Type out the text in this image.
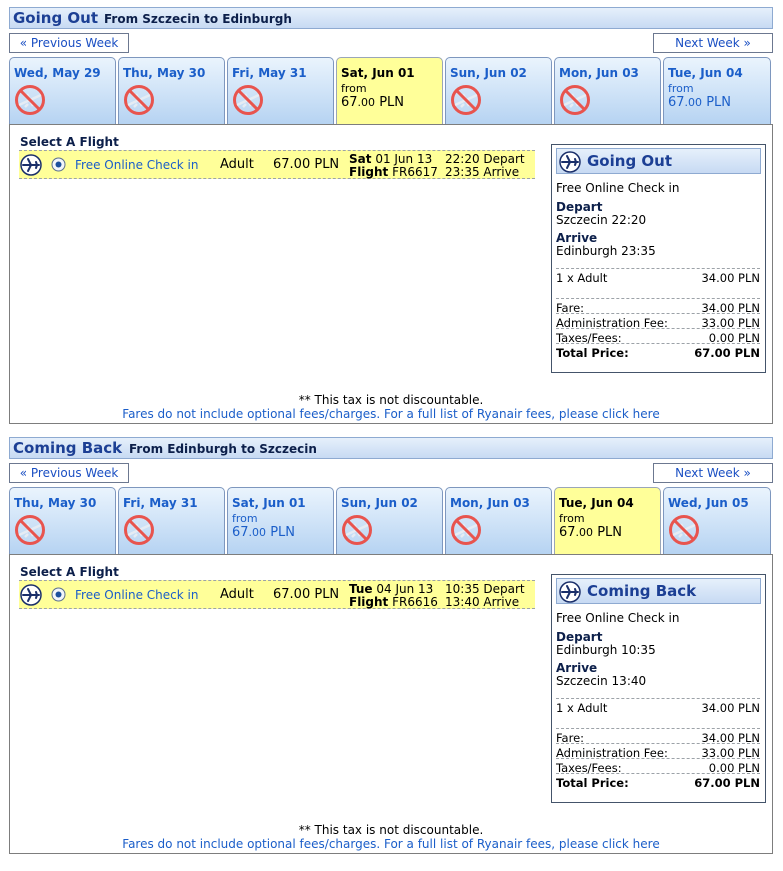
Going Out From Szczecin to Edinburgh
« Previous Week	Next Week »
Wed, May 29 Thu, May 30 Fri, May 31	Sat, Jun 01
from
67.00 PLN
Sun, Jun 02	Mon, Jun 03 Tue, Jun 04
from
67.00 PLN
Select A Flight
Free Online Check in Adult 67.00 PLN Sat 01 Jun 13
Flight FR6617
22:20 Depart
23:35 Arrive
Going Out
Free Online Check in
Depart
Szczecin 22:20
Arrive
Edinburgh 23:35
1 x Adult	34.00 PLN
Fare:	34.00 PLN
Administration Fee:	33.00 PLN
Taxes/Fees:	0.00 PLN
Total Price:	67.00 PLN
** This tax is not discountable.
Fares do not include optional fees/charges. For a full list of Ryanair fees, please click here
Coming Back From Edinburgh to Szczecin
« Previous Week	Next Week »
Thu, May 30 Fri, May 31	Sat, Jun 01
from
67.00 PLN
Sun, Jun 02	Mon, Jun 03 Tue, Jun 04
from
67.00 PLN
Wed, Jun 05
Select A Flight
Free Online Check in Adult 67.00 PLN Tue 04 Jun 13
Flight FR6616
10:35 Depart
13:40 Arrive
Coming Back
Free Online Check in
Depart
Edinburgh 10:35
Arrive
Szczecin 13:40
1 x Adult	34.00 PLN
Fare:	34.00 PLN
Administration Fee:	33.00 PLN
Taxes/Fees:	0.00 PLN
Total Price:	67.00 PLN
** This tax is not discountable.
Fares do not include optional fees/charges. For a full list of Ryanair fees, please click here
